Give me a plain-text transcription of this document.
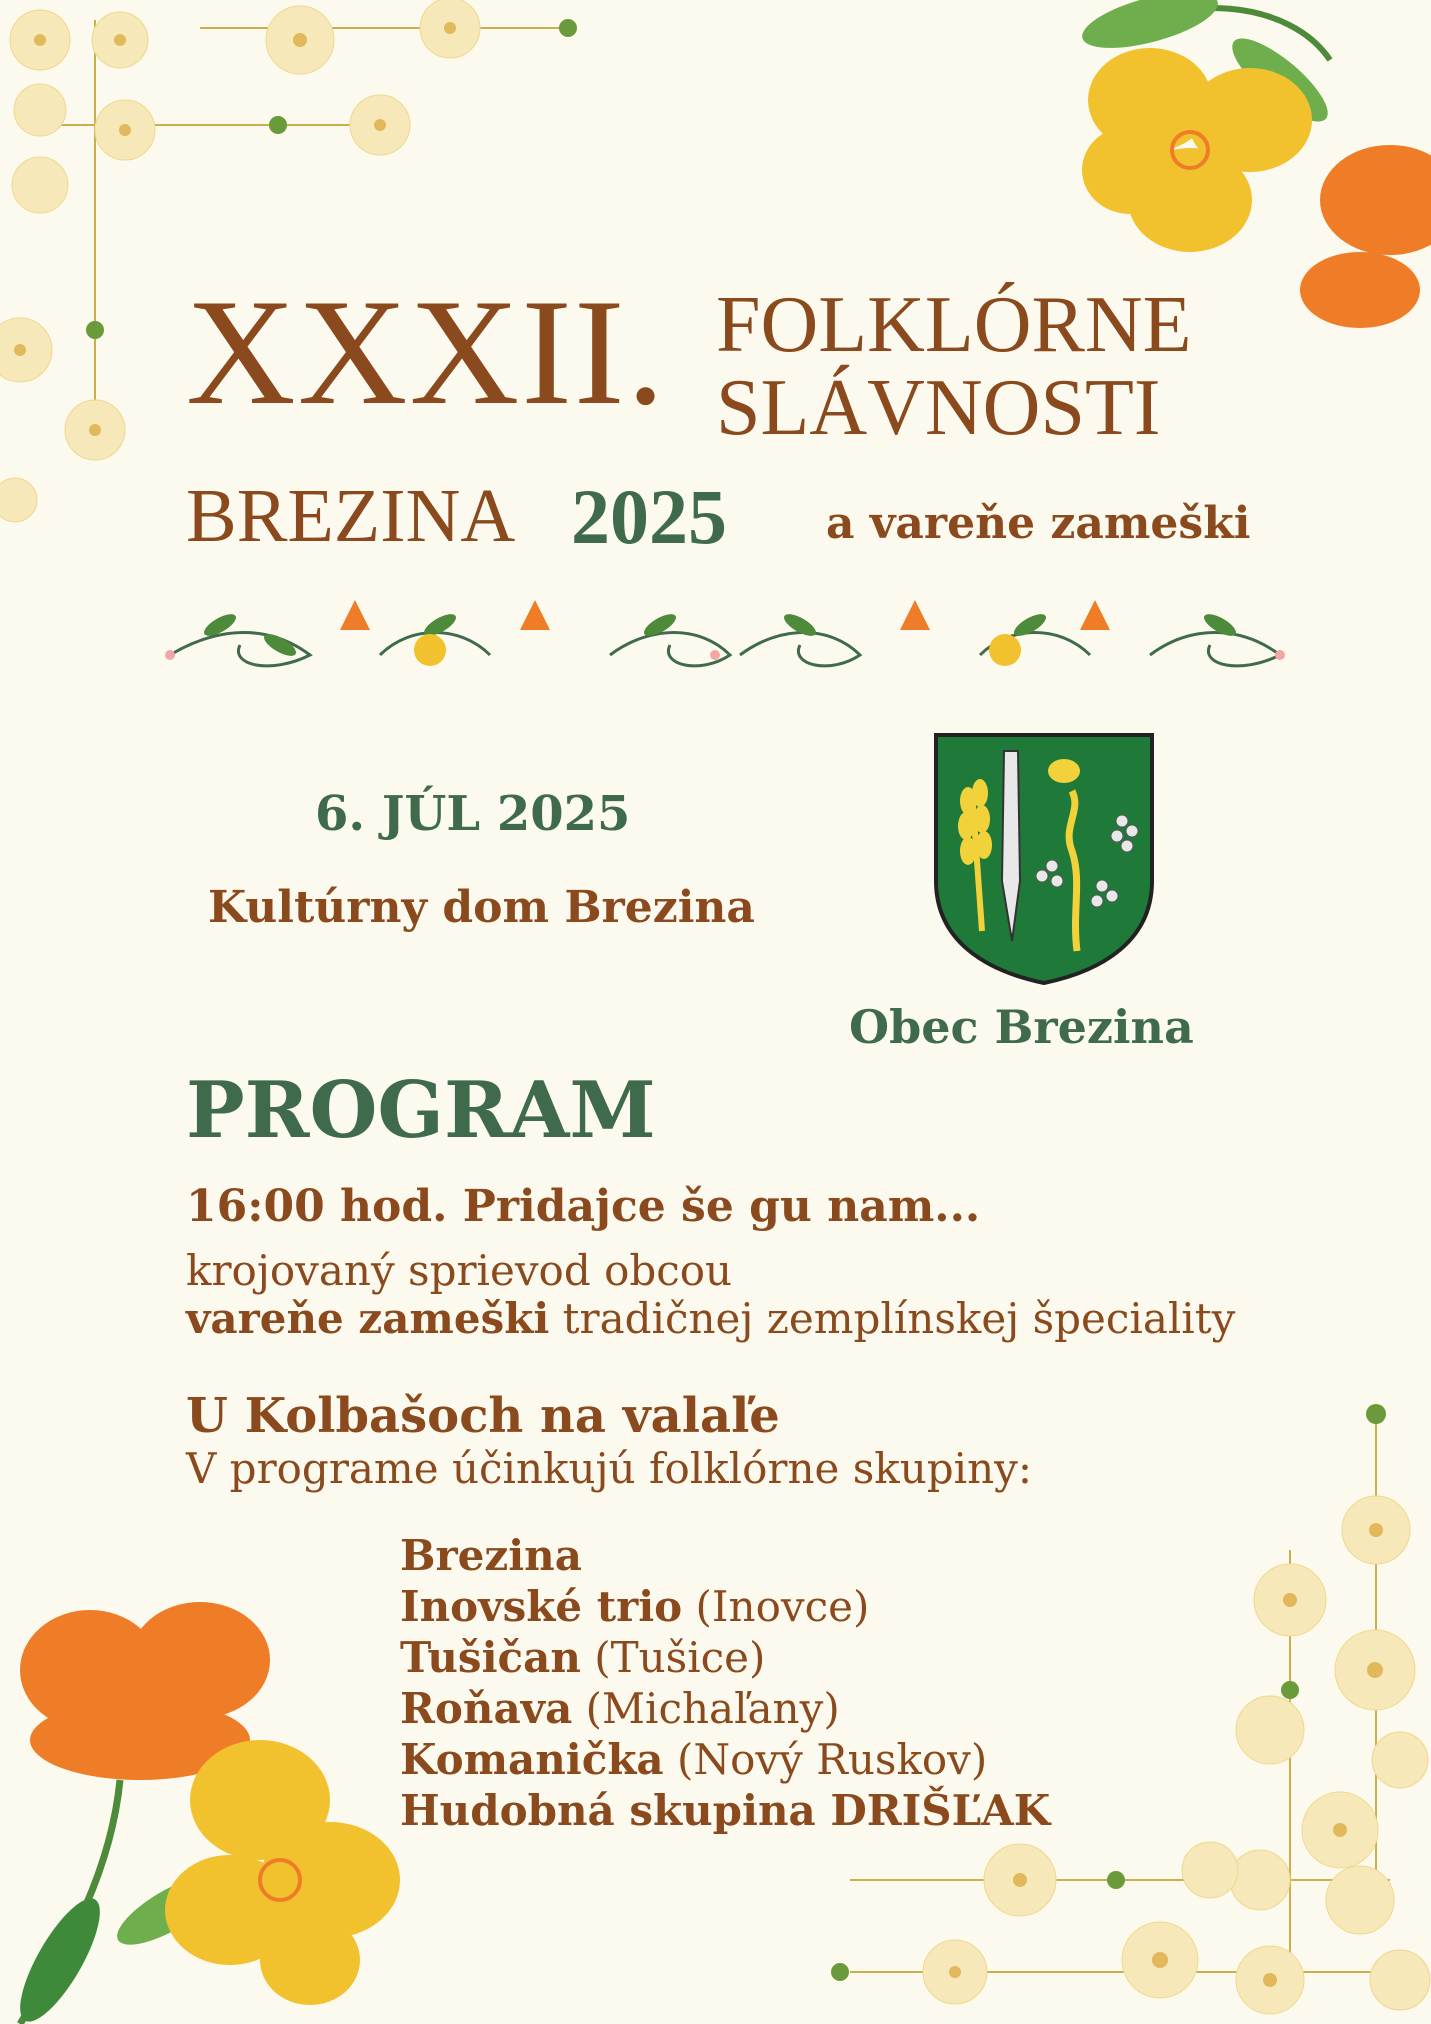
XXXII. FOLKLÓRNE
SLÁVNOSTI
BREZINA 2025 a vareňe zameški
6. JÚL 2025
Kultúrny dom Brezina
Obec Brezina
PROGRAM
16:00 hod. Pridajce še gu nam...
krojovaný sprievod obcou
vareňe zameški tradičnej zemplínskej špeciality
U Kolbašoch na valaľe
V programe účinkujú folklórne skupiny:
Brezina
Inovské trio (Inovce)
Tušičan (Tušice)
Roňava (Michaľany)
Komanička (Nový Ruskov)
Hudobná skupina DRIŠĽAK
